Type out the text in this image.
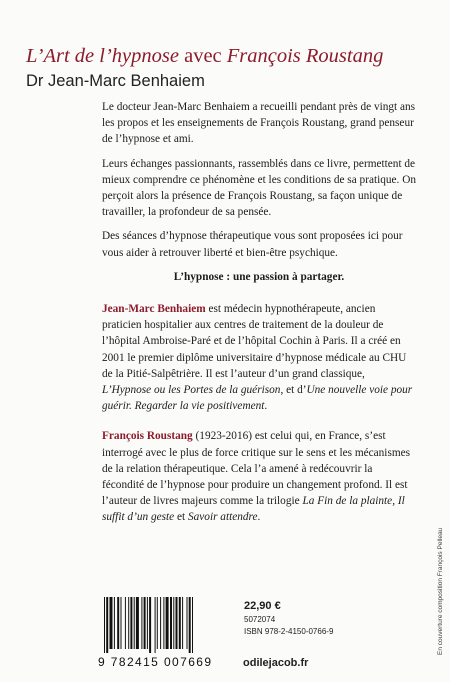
L’Art de l’hypnose avec François Roustang
Dr Jean-Marc Benhaiem

Le docteur Jean-Marc Benhaiem a recueilli pendant près de vingt ans les propos et les enseignements de François Roustang, grand penseur de l’hypnose et ami.

Leurs échanges passionnants, rassemblés dans ce livre, permettent de mieux comprendre ce phénomène et les conditions de sa pratique. On perçoit alors la présence de François Roustang, sa façon unique de travailler, la profondeur de sa pensée.

Des séances d’hypnose thérapeutique vous sont proposées ici pour vous aider à retrouver liberté et bien-être psychique.

L’hypnose : une passion à partager.

Jean-Marc Benhaiem est médecin hypnothérapeute, ancien praticien hospitalier aux centres de traitement de la douleur de l’hôpital Ambroise-Paré et de l’hôpital Cochin à Paris. Il a créé en 2001 le premier diplôme universitaire d’hypnose médicale au CHU de la Pitié-Salpêtrière. Il est l’auteur d’un grand classique, L’Hypnose ou les Portes de la guérison, et d’Une nouvelle voie pour guérir. Regarder la vie positivement.

François Roustang (1923-2016) est celui qui, en France, s’est interrogé avec le plus de force critique sur le sens et les mécanismes de la relation thérapeutique. Cela l’a amené à redécouvrir la fécondité de l’hypnose pour produire un changement profond. Il est l’auteur de livres majeurs comme la trilogie La Fin de la plainte, Il suffit d’un geste et Savoir attendre.

9 782415 007669
22,90 €
5072074
ISBN 978-2-4150-0766-9
odilejacob.fr
En couverture composition François Pelleau
